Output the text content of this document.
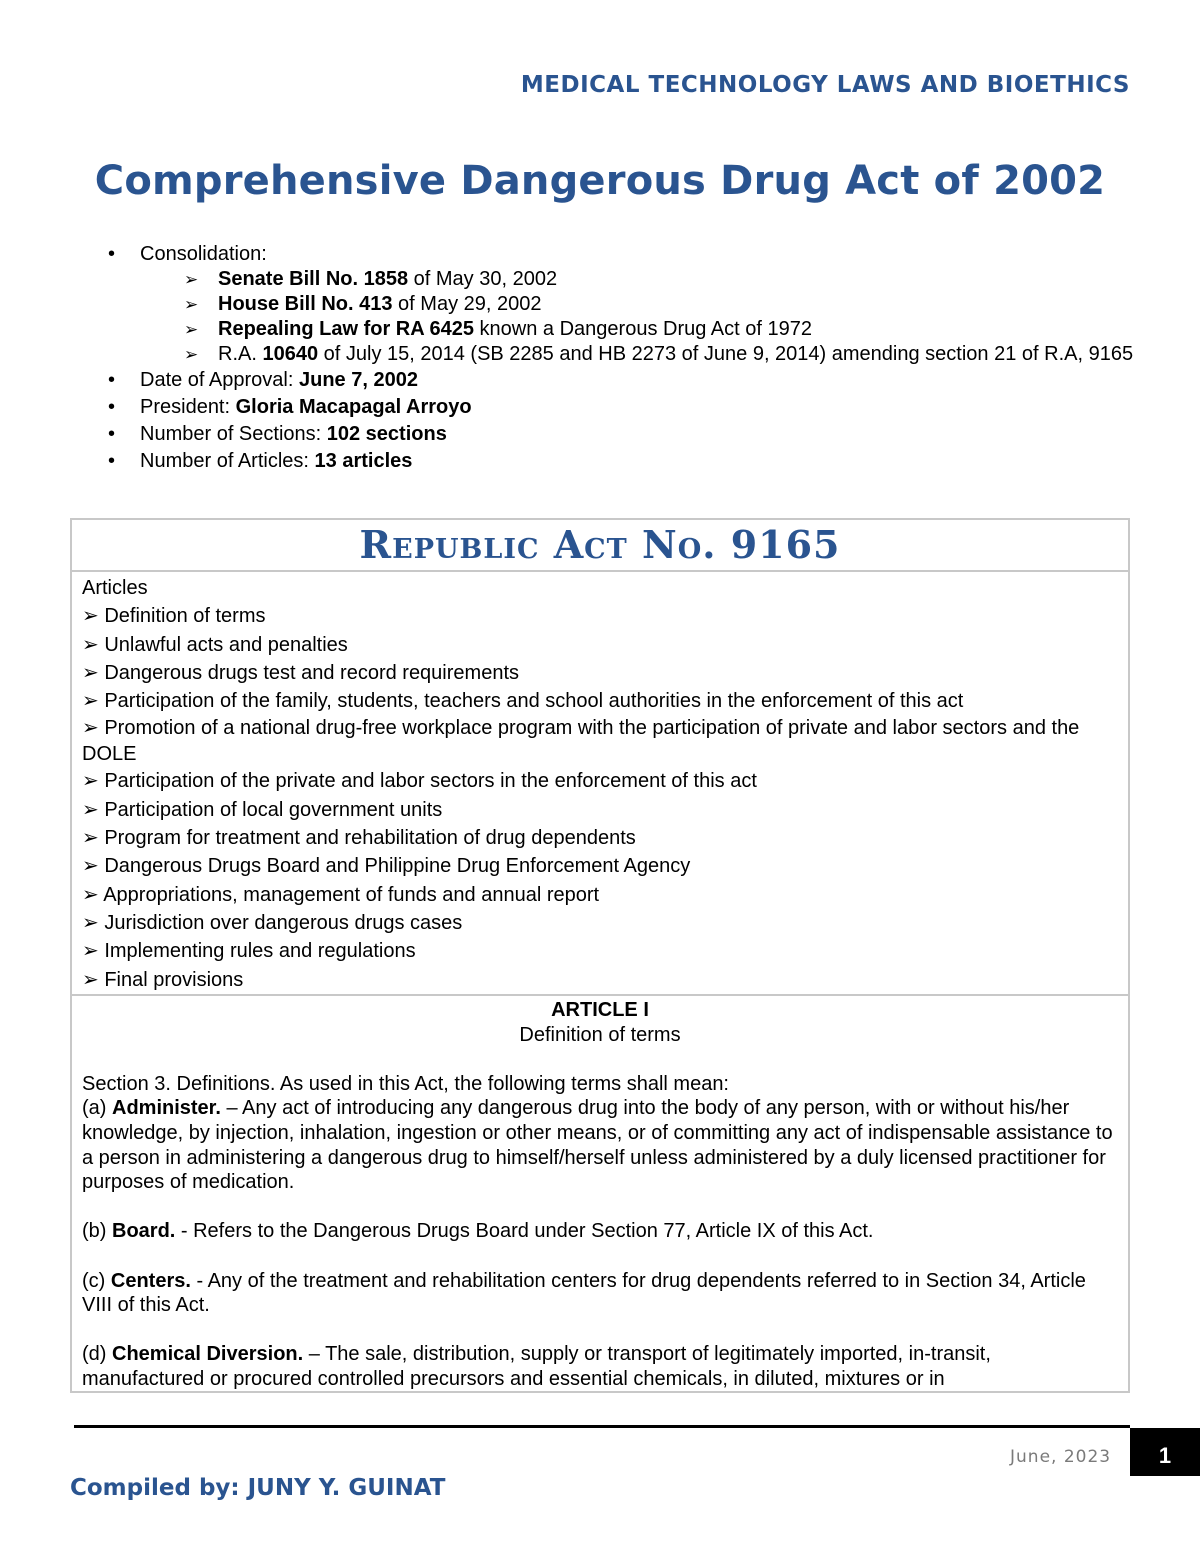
MEDICAL TECHNOLOGY LAWS AND BIOETHICS
Comprehensive Dangerous Drug Act of 2002
• Consolidation:
➢ Senate Bill No. 1858 of May 30, 2002
➢ House Bill No. 413 of May 29, 2002
➢ Repealing Law for RA 6425 known a Dangerous Drug Act of 1972
➢ R.A. 10640 of July 15, 2014 (SB 2285 and HB 2273 of June 9, 2014) amending section 21 of R.A, 9165
• Date of Approval: June 7, 2002
• President: Gloria Macapagal Arroyo
• Number of Sections: 102 sections
• Number of Articles: 13 articles
Republic Act No. 9165
Articles
➢ Definition of terms
➢ Unlawful acts and penalties
➢ Dangerous drugs test and record requirements
➢ Participation of the family, students, teachers and school authorities in the enforcement of this act
➢ Promotion of a national drug-free workplace program with the participation of private and labor sectors and the DOLE
➢ Participation of the private and labor sectors in the enforcement of this act
➢ Participation of local government units
➢ Program for treatment and rehabilitation of drug dependents
➢ Dangerous Drugs Board and Philippine Drug Enforcement Agency
➢ Appropriations, management of funds and annual report
➢ Jurisdiction over dangerous drugs cases
➢ Implementing rules and regulations
➢ Final provisions
ARTICLE I
Definition of terms
Section 3. Definitions. As used in this Act, the following terms shall mean:
(a) Administer. – Any act of introducing any dangerous drug into the body of any person, with or without his/her knowledge, by injection, inhalation, ingestion or other means, or of committing any act of indispensable assistance to a person in administering a dangerous drug to himself/herself unless administered by a duly licensed practitioner for purposes of medication.
(b) Board. - Refers to the Dangerous Drugs Board under Section 77, Article IX of this Act.
(c) Centers. - Any of the treatment and rehabilitation centers for drug dependents referred to in Section 34, Article VIII of this Act.
(d) Chemical Diversion. – The sale, distribution, supply or transport of legitimately imported, in-transit, manufactured or procured controlled precursors and essential chemicals, in diluted, mixtures or in
June, 2023	1
Compiled by: JUNY Y. GUINAT
